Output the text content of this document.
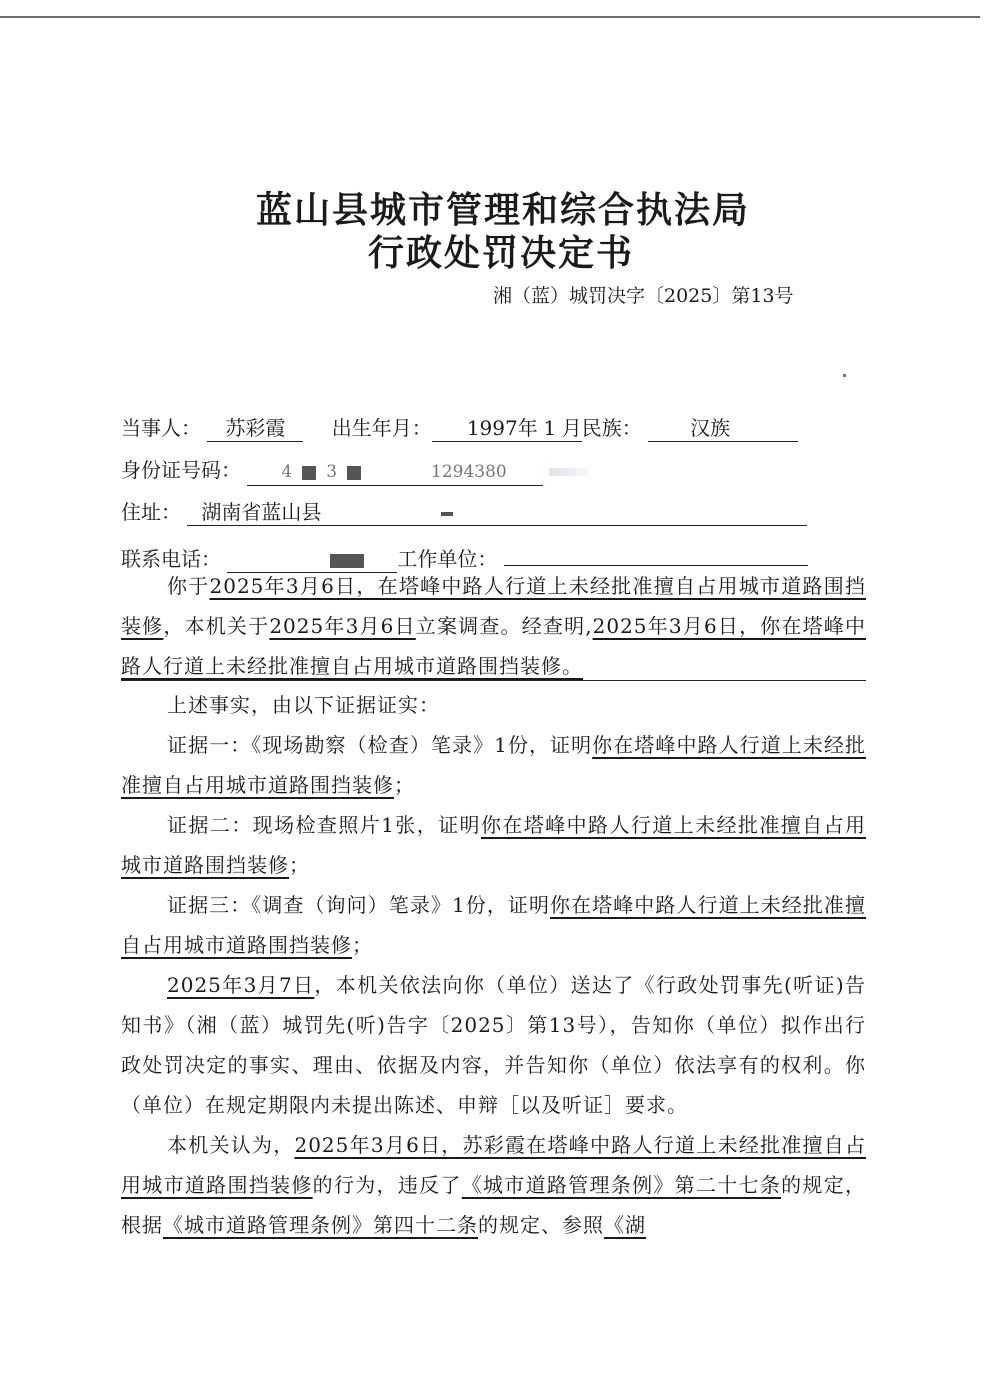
蓝山县城市管理和综合执法局
行政处罚决定书
湘（蓝）城罚决字〔2025〕第13号
当事人： 苏彩霞 出生年月： 1997年 1 月民族： 汉族
身份证号码： 4 3	1294380
住址： 湖南省蓝山县
联系电话：	工作单位：

你于2025年3月6日，在塔峰中路人行道上未经批准擅自占用城市道路围挡装修，本机关于2025年3月6日立案调查。经查明,2025年3月6日，你在塔峰中路人行道上未经批准擅自占用城市道路围挡装修。

上述事实，由以下证据证实：

证据一：《现场勘察（检查）笔录》1份，证明你在塔峰中路人行道上未经批准擅自占用城市道路围挡装修；

证据二：现场检查照片1张，证明你在塔峰中路人行道上未经批准擅自占用城市道路围挡装修；

证据三：《调查（询问）笔录》1份，证明你在塔峰中路人行道上未经批准擅自占用城市道路围挡装修；

2025年3月7日，本机关依法向你（单位）送达了《行政处罚事先(听证)告知书》（湘（蓝）城罚先(听)告字〔2025〕第13号），告知你（单位）拟作出行政处罚决定的事实、理由、依据及内容，并告知你（单位）依法享有的权利。你（单位）在规定期限内未提出陈述、申辩［以及听证］要求。

本机关认为，2025年3月6日，苏彩霞在塔峰中路人行道上未经批准擅自占用城市道路围挡装修的行为，违反了《城市道路管理条例》第二十七条的规定，根据《城市道路管理条例》第四十二条的规定、参照《湖
